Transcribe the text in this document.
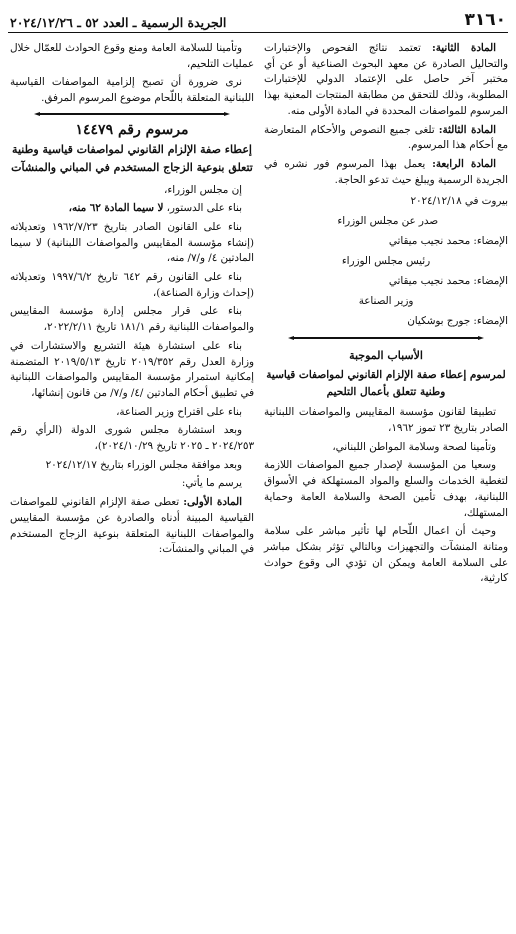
٣١٦٠
الجريدة الرسمية ـ العدد ٥٢ ـ ٢٠٢٤/١٢/٢٦

المادة الثانية: تعتمد نتائج الفحوص والإختبارات والتحاليل الصادرة عن معهد البحوث الصناعية أو عن أي مختبر آخر حاصل على الإعتماد الدولي للإختبارات المطلوبة، وذلك للتحقق من مطابقة المنتجات المعنية بهذا المرسوم للمواصفات المحددة في المادة الأولى منه.

المادة الثالثة: تلغى جميع النصوص والأحكام المتعارضة مع أحكام هذا المرسوم.

المادة الرابعة: يعمل بهذا المرسوم فور نشره في الجريدة الرسمية ويبلغ حيث تدعو الحاجة.

بيروت في ٢٠٢٤/١٢/١٨
صدر عن مجلس الوزراء
الإمضاء: محمد نجيب ميقاتي
رئيس مجلس الوزراء
الإمضاء: محمد نجيب ميقاتي
وزير الصناعة
الإمضاء: جورج بوشكيان
الأسباب الموجبة
لمرسوم إعطاء صفة الإلزام القانوني لمواصفات قياسية وطنية تتعلق بأعمال التلحيم

تطبيقا لقانون مؤسسة المقاييس والمواصفات اللبنانية الصادر بتاريخ ٢٣ تموز ١٩٦٢،

وتأمينا لصحة وسلامة المواطن اللبناني،

وسعيا من المؤسسة لإصدار جميع المواصفات اللازمة لتغطية الخدمات والسلع والمواد المستهلكة في الأسواق اللبنانية، بهدف تأمين الصحة والسلامة العامة وحماية المستهلك،

وحيث أن اعمال اللّحام لها تأثير مباشر على سلامة ومتانة المنشآت والتجهيزات وبالتالي تؤثر بشكل مباشر على السلامة العامة ويمكن ان تؤدي الى وقوع حوادث كارثية،

وتأمينا للسلامة العامة ومنع وقوع الحوادث للعمّال خلال عمليات التلحيم،

نرى ضرورة أن تصبح إلزامية المواصفات القياسية اللبنانية المتعلقة باللّحام موضوع المرسوم المرفق.

مرسوم رقم ١٤٤٧٩
إعطاء صفة الإلزام القانوني لمواصفات قياسية وطنية تتعلق بنوعية الزجاج المستخدم في المباني والمنشآت

إن مجلس الوزراء،

بناء على الدستور، لا سيما المادة ٦٢ منه،

بناء على القانون الصادر بتاريخ ١٩٦٢/٧/٢٣ وتعديلاته (إنشاء مؤسسة المقاييس والمواصفات اللبنانية) لا سيما المادتين ٤/ و/٧/ منه،

بناء على القانون رقم ٦٤٢ تاريخ ١٩٩٧/٦/٢ وتعديلاته (إحداث وزارة الصناعة)،

بناء على قرار مجلس إدارة مؤسسة المقاييس والمواصفات اللبنانية رقم ١٨١/١ تاريخ ٢٠٢٢/٢/١١،

بناء على استشارة هيئة التشريع والاستشارات في وزارة العدل رقم ٢٠١٩/٣٥٢ تاريخ ٢٠١٩/٥/١٣ المتضمنة إمكانية استمرار مؤسسة المقاييس والمواصفات اللبنانية في تطبيق أحكام المادتين /٤/ و/٧/ من قانون إنشائها،

بناء على اقتراح وزير الصناعة،

وبعد استشارة مجلس شورى الدولة (الرأي رقم ٢٠٢٤/٢٥٣ ـ ٢٠٢٥ تاريخ ٢٠٢٤/١٠/٢٩)،

وبعد موافقة مجلس الوزراء بتاريخ ٢٠٢٤/١٢/١٧

يرسم ما يأتي:

المادة الأولى: تعطى صفة الإلزام القانوني للمواصفات القياسية المبينة أدناه والصادرة عن مؤسسة المقاييس والمواصفات اللبنانية المتعلقة بنوعية الزجاج المستخدم في المباني والمنشآت:
